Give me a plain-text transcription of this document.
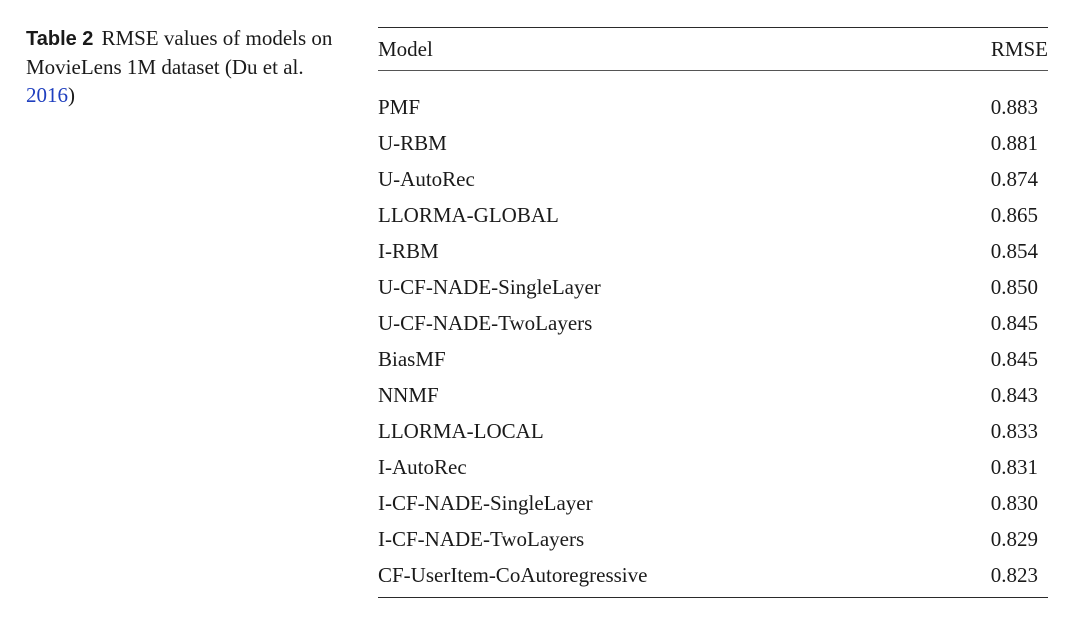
Table 2 RMSE values of models on MovieLens 1M dataset (Du et al. 2016)
Model	RMSE
PMF	0.883
U-RBM	0.881
U-AutoRec	0.874
LLORMA-GLOBAL	0.865
I-RBM	0.854
U-CF-NADE-SingleLayer	0.850
U-CF-NADE-TwoLayers	0.845
BiasMF	0.845
NNMF	0.843
LLORMA-LOCAL	0.833
I-AutoRec	0.831
I-CF-NADE-SingleLayer	0.830
I-CF-NADE-TwoLayers	0.829
CF-UserItem-CoAutoregressive	0.823
